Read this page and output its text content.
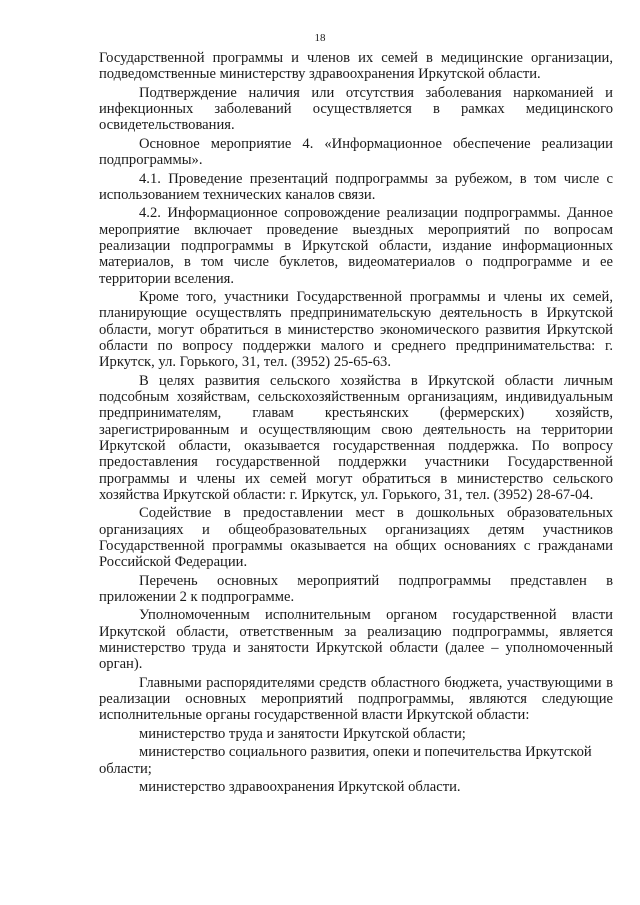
18

Государственной программы и членов их семей в медицинские организации, подведомственные министерству здравоохранения Иркутской области.

Подтверждение наличия или отсутствия заболевания наркоманией и инфекционных заболеваний осуществляется в рамках медицинского освидетельствования.

Основное мероприятие 4. «Информационное обеспечение реализации подпрограммы».

4.1. Проведение презентаций подпрограммы за рубежом, в том числе с использованием технических каналов связи.

4.2. Информационное сопровождение реализации подпрограммы. Данное мероприятие включает проведение выездных мероприятий по вопросам реализации подпрограммы в Иркутской области, издание информационных материалов, в том числе буклетов, видеоматериалов о подпрограмме и ее территории вселения.

Кроме того, участники Государственной программы и члены их семей, планирующие осуществлять предпринимательскую деятельность в Иркутской области, могут обратиться в министерство экономического развития Иркутской области по вопросу поддержки малого и среднего предпринимательства: г. Иркутск, ул. Горького, 31, тел. (3952) 25-65-63.

В целях развития сельского хозяйства в Иркутской области личным подсобным хозяйствам, сельскохозяйственным организациям, индивидуальным предпринимателям, главам крестьянских (фермерских) хозяйств, зарегистрированным и осуществляющим свою деятельность на территории Иркутской области, оказывается государственная поддержка. По вопросу предоставления государственной поддержки участники Государственной программы и члены их семей могут обратиться в министерство сельского хозяйства Иркутской области: г. Иркутск, ул. Горького, 31, тел. (3952) 28-67-04.

Содействие в предоставлении мест в дошкольных образовательных организациях и общеобразовательных организациях детям участников Государственной программы оказывается на общих основаниях с гражданами Российской Федерации.

Перечень основных мероприятий подпрограммы представлен в приложении 2 к подпрограмме.

Уполномоченным исполнительным органом государственной власти Иркутской области, ответственным за реализацию подпрограммы, является министерство труда и занятости Иркутской области (далее – уполномоченный орган).

Главными распорядителями средств областного бюджета, участвующими в реализации основных мероприятий подпрограммы, являются следующие исполнительные органы государственной власти Иркутской области:

министерство труда и занятости Иркутской области;

министерство социального развития, опеки и попечительства Иркутской области;

министерство здравоохранения Иркутской области.
